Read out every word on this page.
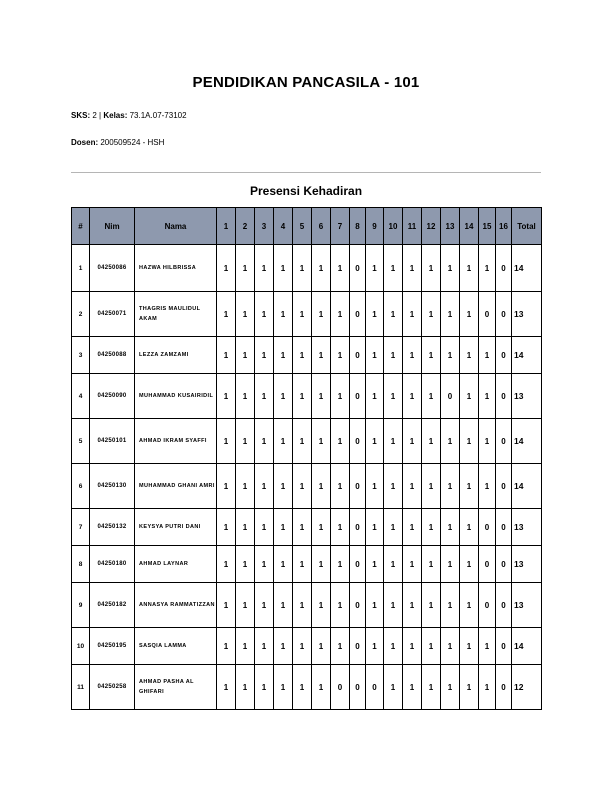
PENDIDIKAN PANCASILA - 101
SKS: 2 | Kelas: 73.1A.07-73102
Dosen: 200509524 - HSH
Presensi Kehadiran
#	Nim	Nama	1	2	3	4	5	6	7	8	9	10	11	12	13	14	15	16	Total
1	04250086	HAZWA HILBRISSA	1	1	1	1	1	1	1	0	1	1	1	1	1	1	1	0	14
2	04250071	THAGRIS MAULIDUL AKAM	1	1	1	1	1	1	1	0	1	1	1	1	1	1	0	0	13
3	04250088	LEZZA ZAMZAMI	1	1	1	1	1	1	1	0	1	1	1	1	1	1	1	0	14
4	04250090	MUHAMMAD KUSAIRIDIL	1	1	1	1	1	1	1	0	1	1	1	1	0	1	1	0	13
5	04250101	AHMAD IKRAM SYAFFI	1	1	1	1	1	1	1	0	1	1	1	1	1	1	1	0	14
6	04250130	MUHAMMAD GHANI AMRI	1	1	1	1	1	1	1	0	1	1	1	1	1	1	1	0	14
7	04250132	KEYSYA PUTRI DANI	1	1	1	1	1	1	1	0	1	1	1	1	1	1	0	0	13
8	04250180	AHMAD LAYNAR	1	1	1	1	1	1	1	0	1	1	1	1	1	1	0	0	13
9	04250182	ANNASYA RAMMATIZZAN	1	1	1	1	1	1	1	0	1	1	1	1	1	1	0	0	13
10	04250195	SASQIA LAMMA	1	1	1	1	1	1	1	0	1	1	1	1	1	1	1	0	14
11	04250258	AHMAD PASHA AL GHIFARI	1	1	1	1	1	1	0	0	0	1	1	1	1	1	1	0	12
